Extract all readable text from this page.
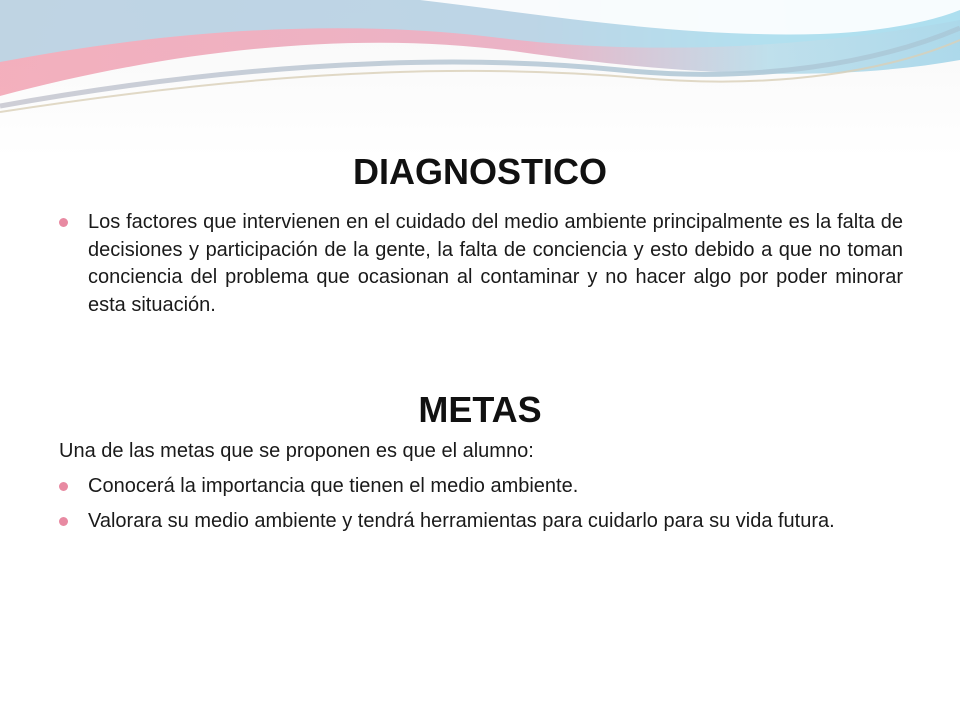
DIAGNOSTICO

Los factores que intervienen en el cuidado del medio ambiente principalmente es la falta de decisiones y participación de la gente, la falta de conciencia y esto debido a que no toman conciencia del problema que ocasionan al contaminar y no hacer algo por poder minorar esta situación.

METAS

Una de las metas que se proponen es que el alumno:

Conocerá la importancia que tienen el medio ambiente.

Valorara su medio ambiente y tendrá herramientas para cuidarlo para su vida futura.
